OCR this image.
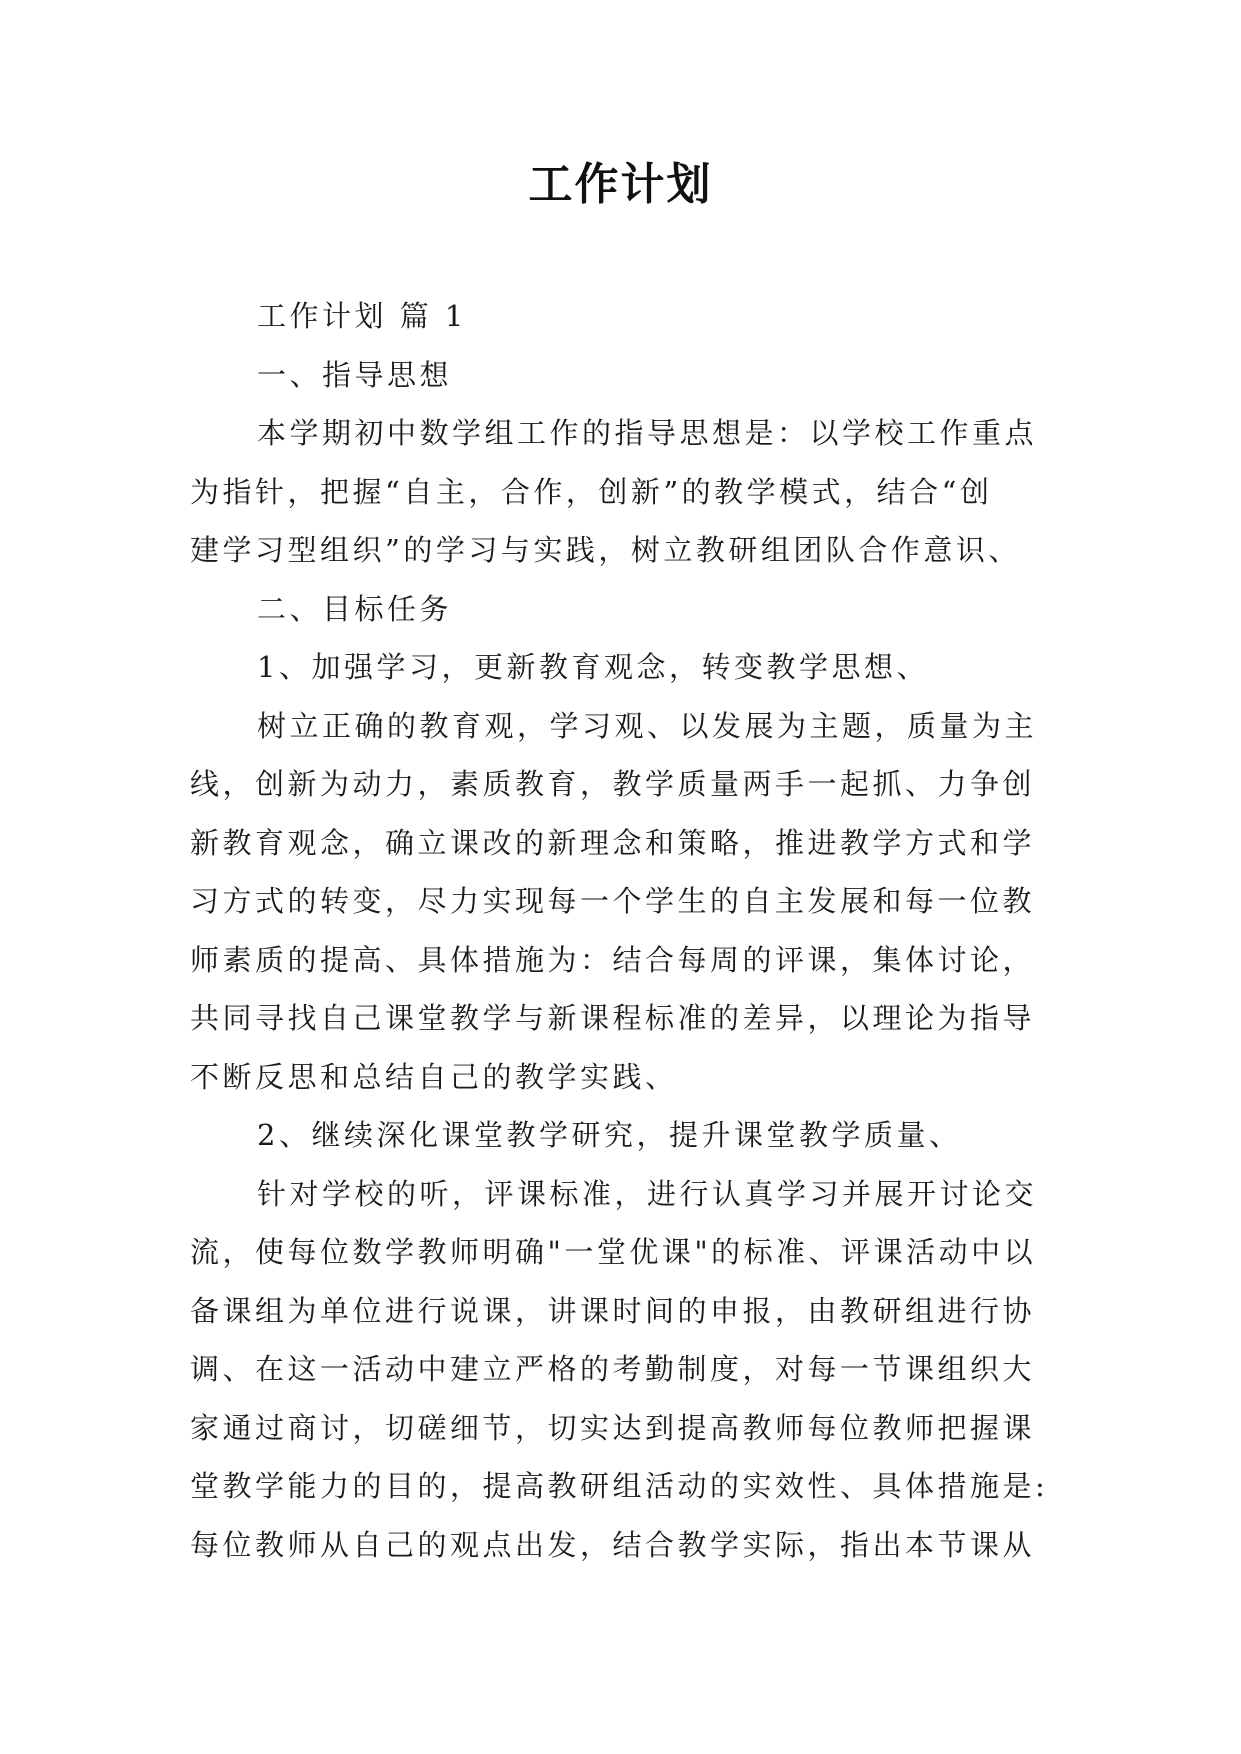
工作计划
工作计划 篇 1
一、指导思想
本学期初中数学组工作的指导思想是：以学校工作重点
为指针，把握“自主，合作，创新”的教学模式，结合“创
建学习型组织”的学习与实践，树立教研组团队合作意识、
二、目标任务
1、加强学习，更新教育观念，转变教学思想、
树立正确的教育观，学习观、以发展为主题，质量为主
线，创新为动力，素质教育，教学质量两手一起抓、力争创
新教育观念，确立课改的新理念和策略，推进教学方式和学
习方式的转变，尽力实现每一个学生的自主发展和每一位教
师素质的提高、具体措施为：结合每周的评课，集体讨论，
共同寻找自己课堂教学与新课程标准的差异，以理论为指导
不断反思和总结自己的教学实践、
2、继续深化课堂教学研究，提升课堂教学质量、
针对学校的听，评课标准，进行认真学习并展开讨论交
流，使每位数学教师明确"一堂优课"的标准、评课活动中以
备课组为单位进行说课，讲课时间的申报，由教研组进行协
调、在这一活动中建立严格的考勤制度，对每一节课组织大
家通过商讨，切磋细节，切实达到提高教师每位教师把握课
堂教学能力的目的，提高教研组活动的实效性、具体措施是:
每位教师从自己的观点出发，结合教学实际，指出本节课从
